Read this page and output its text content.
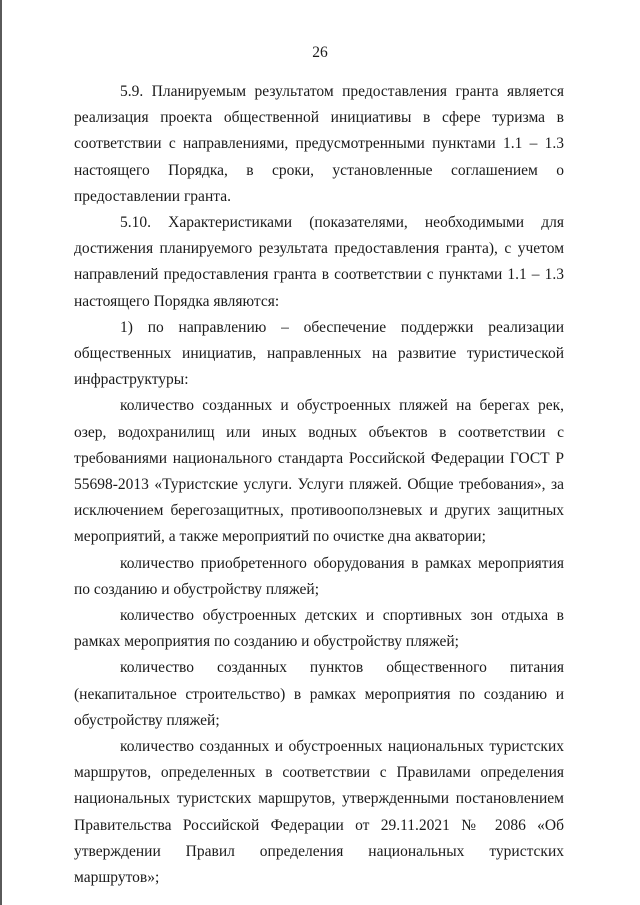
26

5.9. Планируемым результатом предоставления гранта является реализация проекта общественной инициативы в сфере туризма в соответствии с направлениями, предусмотренными пунктами 1.1 – 1.3 настоящего Порядка, в сроки, установленные соглашением о предоставлении гранта.

5.10. Характеристиками (показателями, необходимыми для достижения планируемого результата предоставления гранта), с учетом направлений предоставления гранта в соответствии с пунктами 1.1 – 1.3 настоящего Порядка являются:

1) по направлению – обеспечение поддержки реализации общественных инициатив, направленных на развитие туристической инфраструктуры:

количество созданных и обустроенных пляжей на берегах рек, озер, водохранилищ или иных водных объектов в соответствии с требованиями национального стандарта Российской Федерации ГОСТ Р 55698-2013 «Туристские услуги. Услуги пляжей. Общие требования», за исключением берегозащитных, противооползневых и других защитных мероприятий, а также мероприятий по очистке дна акватории;

количество приобретенного оборудования в рамках мероприятия по созданию и обустройству пляжей;

количество обустроенных детских и спортивных зон отдыха в рамках мероприятия по созданию и обустройству пляжей;

количество созданных пунктов общественного питания (некапитальное строительство) в рамках мероприятия по созданию и обустройству пляжей;

количество созданных и обустроенных национальных туристских маршрутов, определенных в соответствии с Правилами определения национальных туристских маршрутов, утвержденными постановлением Правительства Российской Федерации от 29.11.2021 № 2086 «Об утверждении Правил определения национальных туристских маршрутов»;
